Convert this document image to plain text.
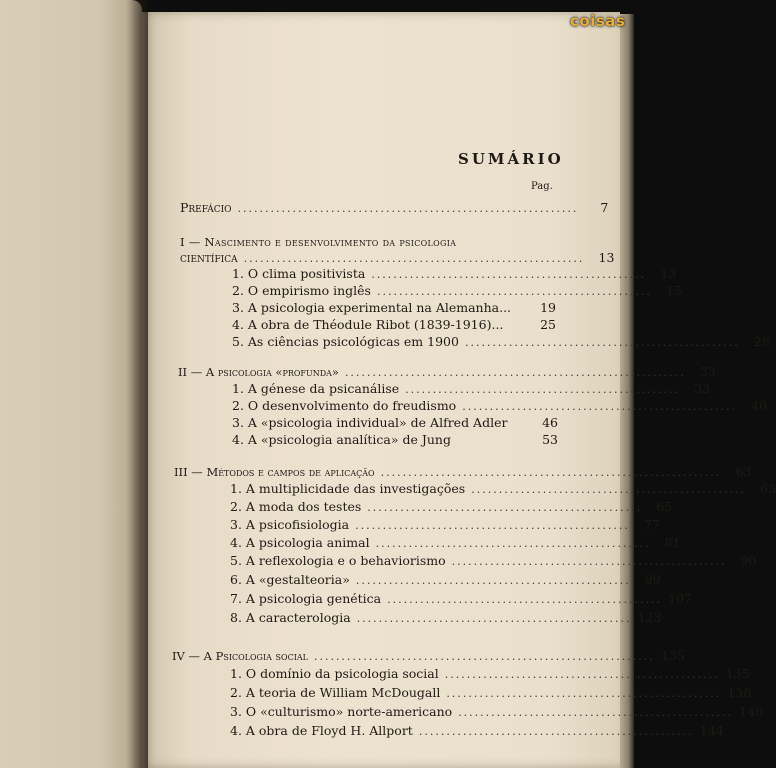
coisas
SUMÁRIO
Pag.
Prefácio ..............................................................	7
I — Nascimento e desenvolvimento da psicologia
científica ..............................................................	13
1. O clima positivista ..................................................	13
2. O empirismo inglês ..................................................	15
3. A psicologia experimental na Alemanha...	19
4. A obra de Théodule Ribot (1839-1916)...	25
5. As ciências psicológicas em 1900 ..................................................	28
II — A psicologia «profunda» ..............................................................	33
1. A génese da psicanálise ..................................................	33
2. O desenvolvimento do freudismo ..................................................	40
3. A «psicologia individual» de Alfred Adler	46
4. A «psicologia analítica» de Jung	53
III — Métodos e campos de aplicação ..............................................................	63
1. A multiplicidade das investigações ..................................................	63
2. A moda dos testes ..................................................	65
3. A psicofisiologia ..................................................	77
4. A psicologia animal ..................................................	81
5. A reflexologia e o behaviorismo ..................................................	90
6. A «gestalteoria» ..................................................	99
7. A psicologia genética .................................................. 107
8. A caracterologia .................................................. 123
IV — A Psicologia social .............................................................. 135
1. O domínio da psicologia social .................................................. 135
2. A teoria de William McDougall .................................................. 138
3. O «culturismo» norte-americano .................................................. 140
4. A obra de Floyd H. Allport .................................................. 144
